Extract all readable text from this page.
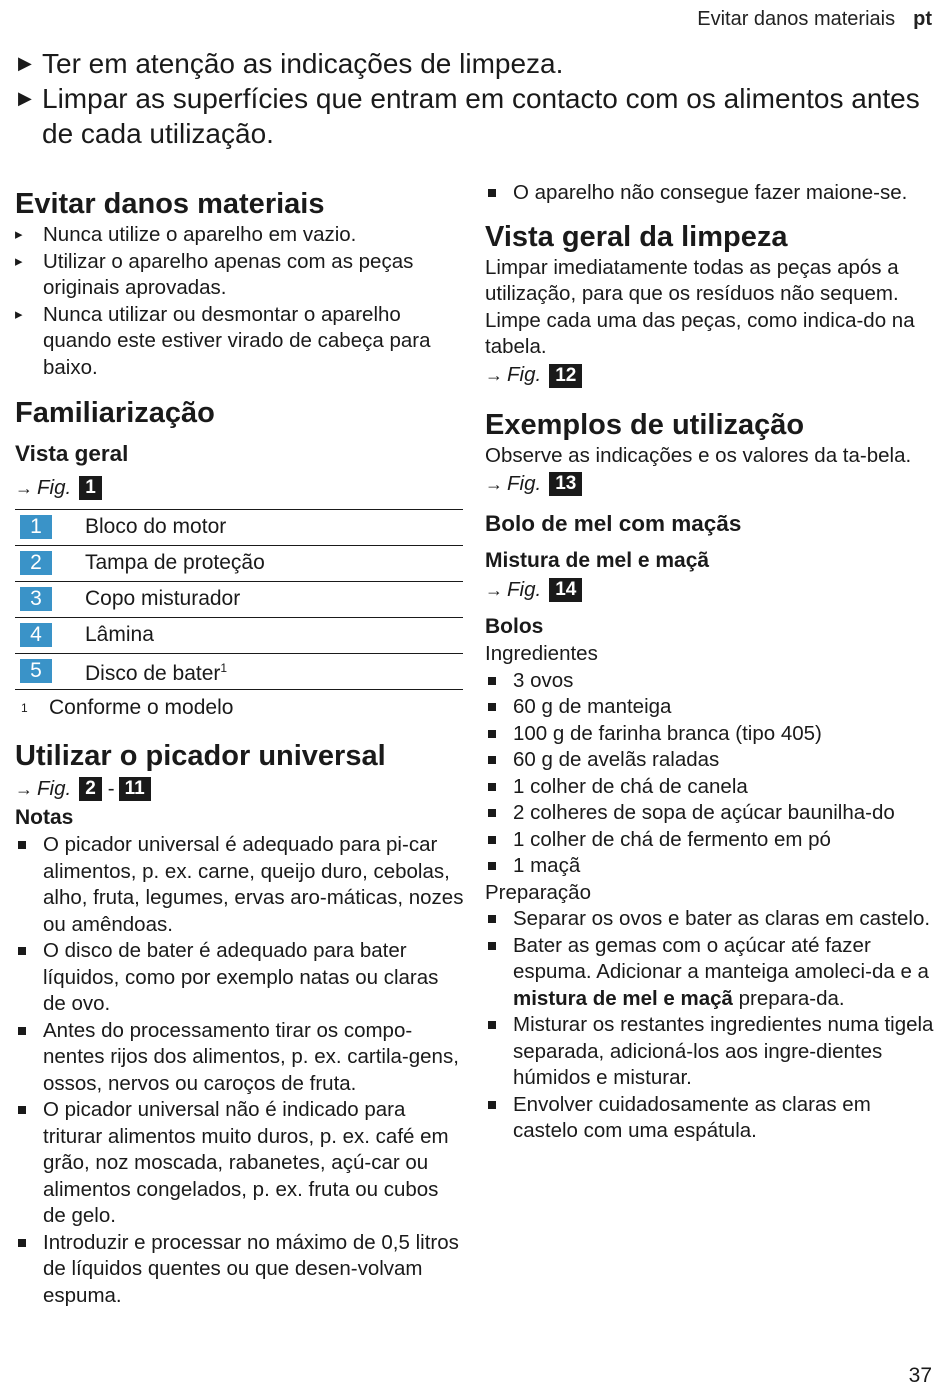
Evitar danos materiais pt
▶ Ter em atenção as indicações de limpeza.
▶ Limpar as superfícies que entram em contacto com os alimentos antes de cada utilização.
Evitar danos materiais
▸ Nunca utilize o aparelho em vazio.
▸ Utilizar o aparelho apenas com as peças originais aprovadas.
▸ Nunca utilizar ou desmontar o aparelho quando este estiver virado de cabeça para baixo.
Familiarização
Vista geral
→ Fig. 1
1	Bloco do motor
2	Tampa de proteção
3	Copo misturador
4	Lâmina
5	Disco de bater$^1$
1	Conforme o modelo
Utilizar o picador universal
→ Fig. 2 - 11
Notas
O picador universal é adequado para pi-car alimentos, p. ex. carne, queijo duro, cebolas, alho, fruta, legumes, ervas aro-máticas, nozes ou amêndoas.
O disco de bater é adequado para bater líquidos, como por exemplo natas ou claras de ovo.
Antes do processamento tirar os compo-nentes rijos dos alimentos, p. ex. cartila-gens, ossos, nervos ou caroços de fruta.
O picador universal não é indicado para triturar alimentos muito duros, p. ex. café em grão, noz moscada, rabanetes, açú-car ou alimentos congelados, p. ex. fruta ou cubos de gelo.
Introduzir e processar no máximo de 0,5 litros de líquidos quentes ou que desen-volvam espuma.
O aparelho não consegue fazer maione-se.
Vista geral da limpeza

Limpar imediatamente todas as peças após a utilização, para que os resíduos não sequem.

Limpe cada uma das peças, como indica-do na tabela.

→ Fig. 12
Exemplos de utilização

Observe as indicações e os valores da ta-bela.

→ Fig. 13
Bolo de mel com maçãs
Mistura de mel e maçã
→ Fig. 14
Bolos

Ingredientes

3 ovos
60 g de manteiga
100 g de farinha branca (tipo 405)
60 g de avelãs raladas
1 colher de chá de canela
2 colheres de sopa de açúcar baunilha-do
1 colher de chá de fermento em pó
1 maçã

Preparação

Separar os ovos e bater as claras em castelo.
Bater as gemas com o açúcar até fazer espuma. Adicionar a manteiga amoleci-da e a mistura de mel e maçã prepara-da.
Misturar os restantes ingredientes numa tigela separada, adicioná-los aos ingre-dientes húmidos e misturar.
Envolver cuidadosamente as claras em castelo com uma espátula.
37
